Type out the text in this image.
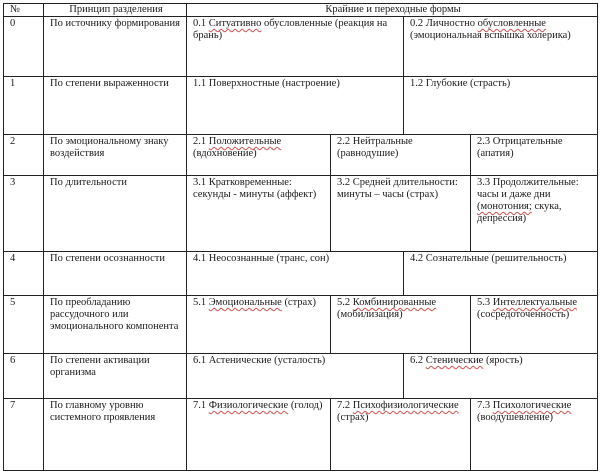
№	Принцип разделения	Крайние и переходные формы			
0	По источнику формирования	0.1 Ситуативно обусловленные (реакция на брань)		0.2 Личностно обусловленные (эмоциональная вспышка холерика)	
1	По степени выраженности	1.1 Поверхностные (настроение)		1.2 Глубокие (страсть)	
2	По эмоциональному знаку воздействия	2.1 Положительные (вдохновение)	2.2 Нейтральные (равнодушие)		2.3 Отрицательные (апатия)
3	По длительности	3.1 Кратковременные: секунды - минуты (аффект)	3.2 Средней длительности: минуты – часы (страх)		3.3 Продолжительные: часы и даже дни (монотония; скука, депрессия)
4	По степени осознанности	4.1 Неосознанные (транс, сон)		4.2 Сознательные (решительность)	
5	По преобладанию рассудочного или эмоционального компонента	5.1 Эмоциональные (страх)	5.2 Комбинированные (мобилизация)		5.3 Интеллектуальные (сосредоточенность)
6	По степени активации организма	6.1 Астенические (усталость)		6.2 Стенические (ярость)	
7	По главному уровню системного проявления	7.1 Физиологические (голод)	7.2 Психофизиологические (страх)		7.3 Психологические (воодушевление)
